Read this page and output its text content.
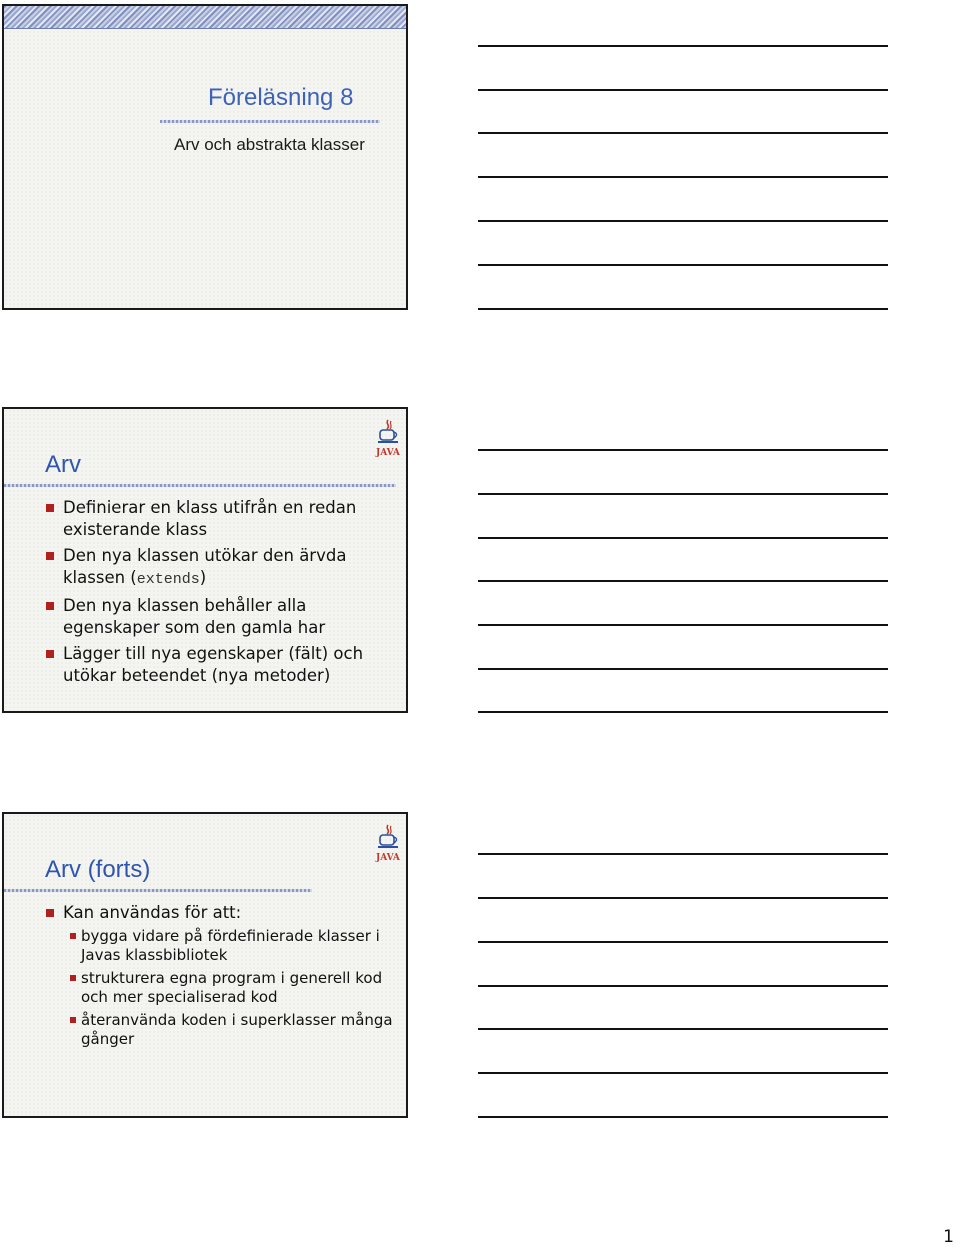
Föreläsning 8
Arv och abstrakta klasser
JAVA
Arv
Definierar en klass utifrån en redan existerande klass
Den nya klassen utökar den ärvda klassen (extends)
Den nya klassen behåller alla egenskaper som den gamla har
Lägger till nya egenskaper (fält) och utökar beteendet (nya metoder)
JAVA
Arv (forts)
Kan användas för att:
bygga vidare på fördefinierade klasser i Javas klassbibliotek
strukturera egna program i generell kod och mer specialiserad kod
återanvända koden i superklasser många gånger
1
